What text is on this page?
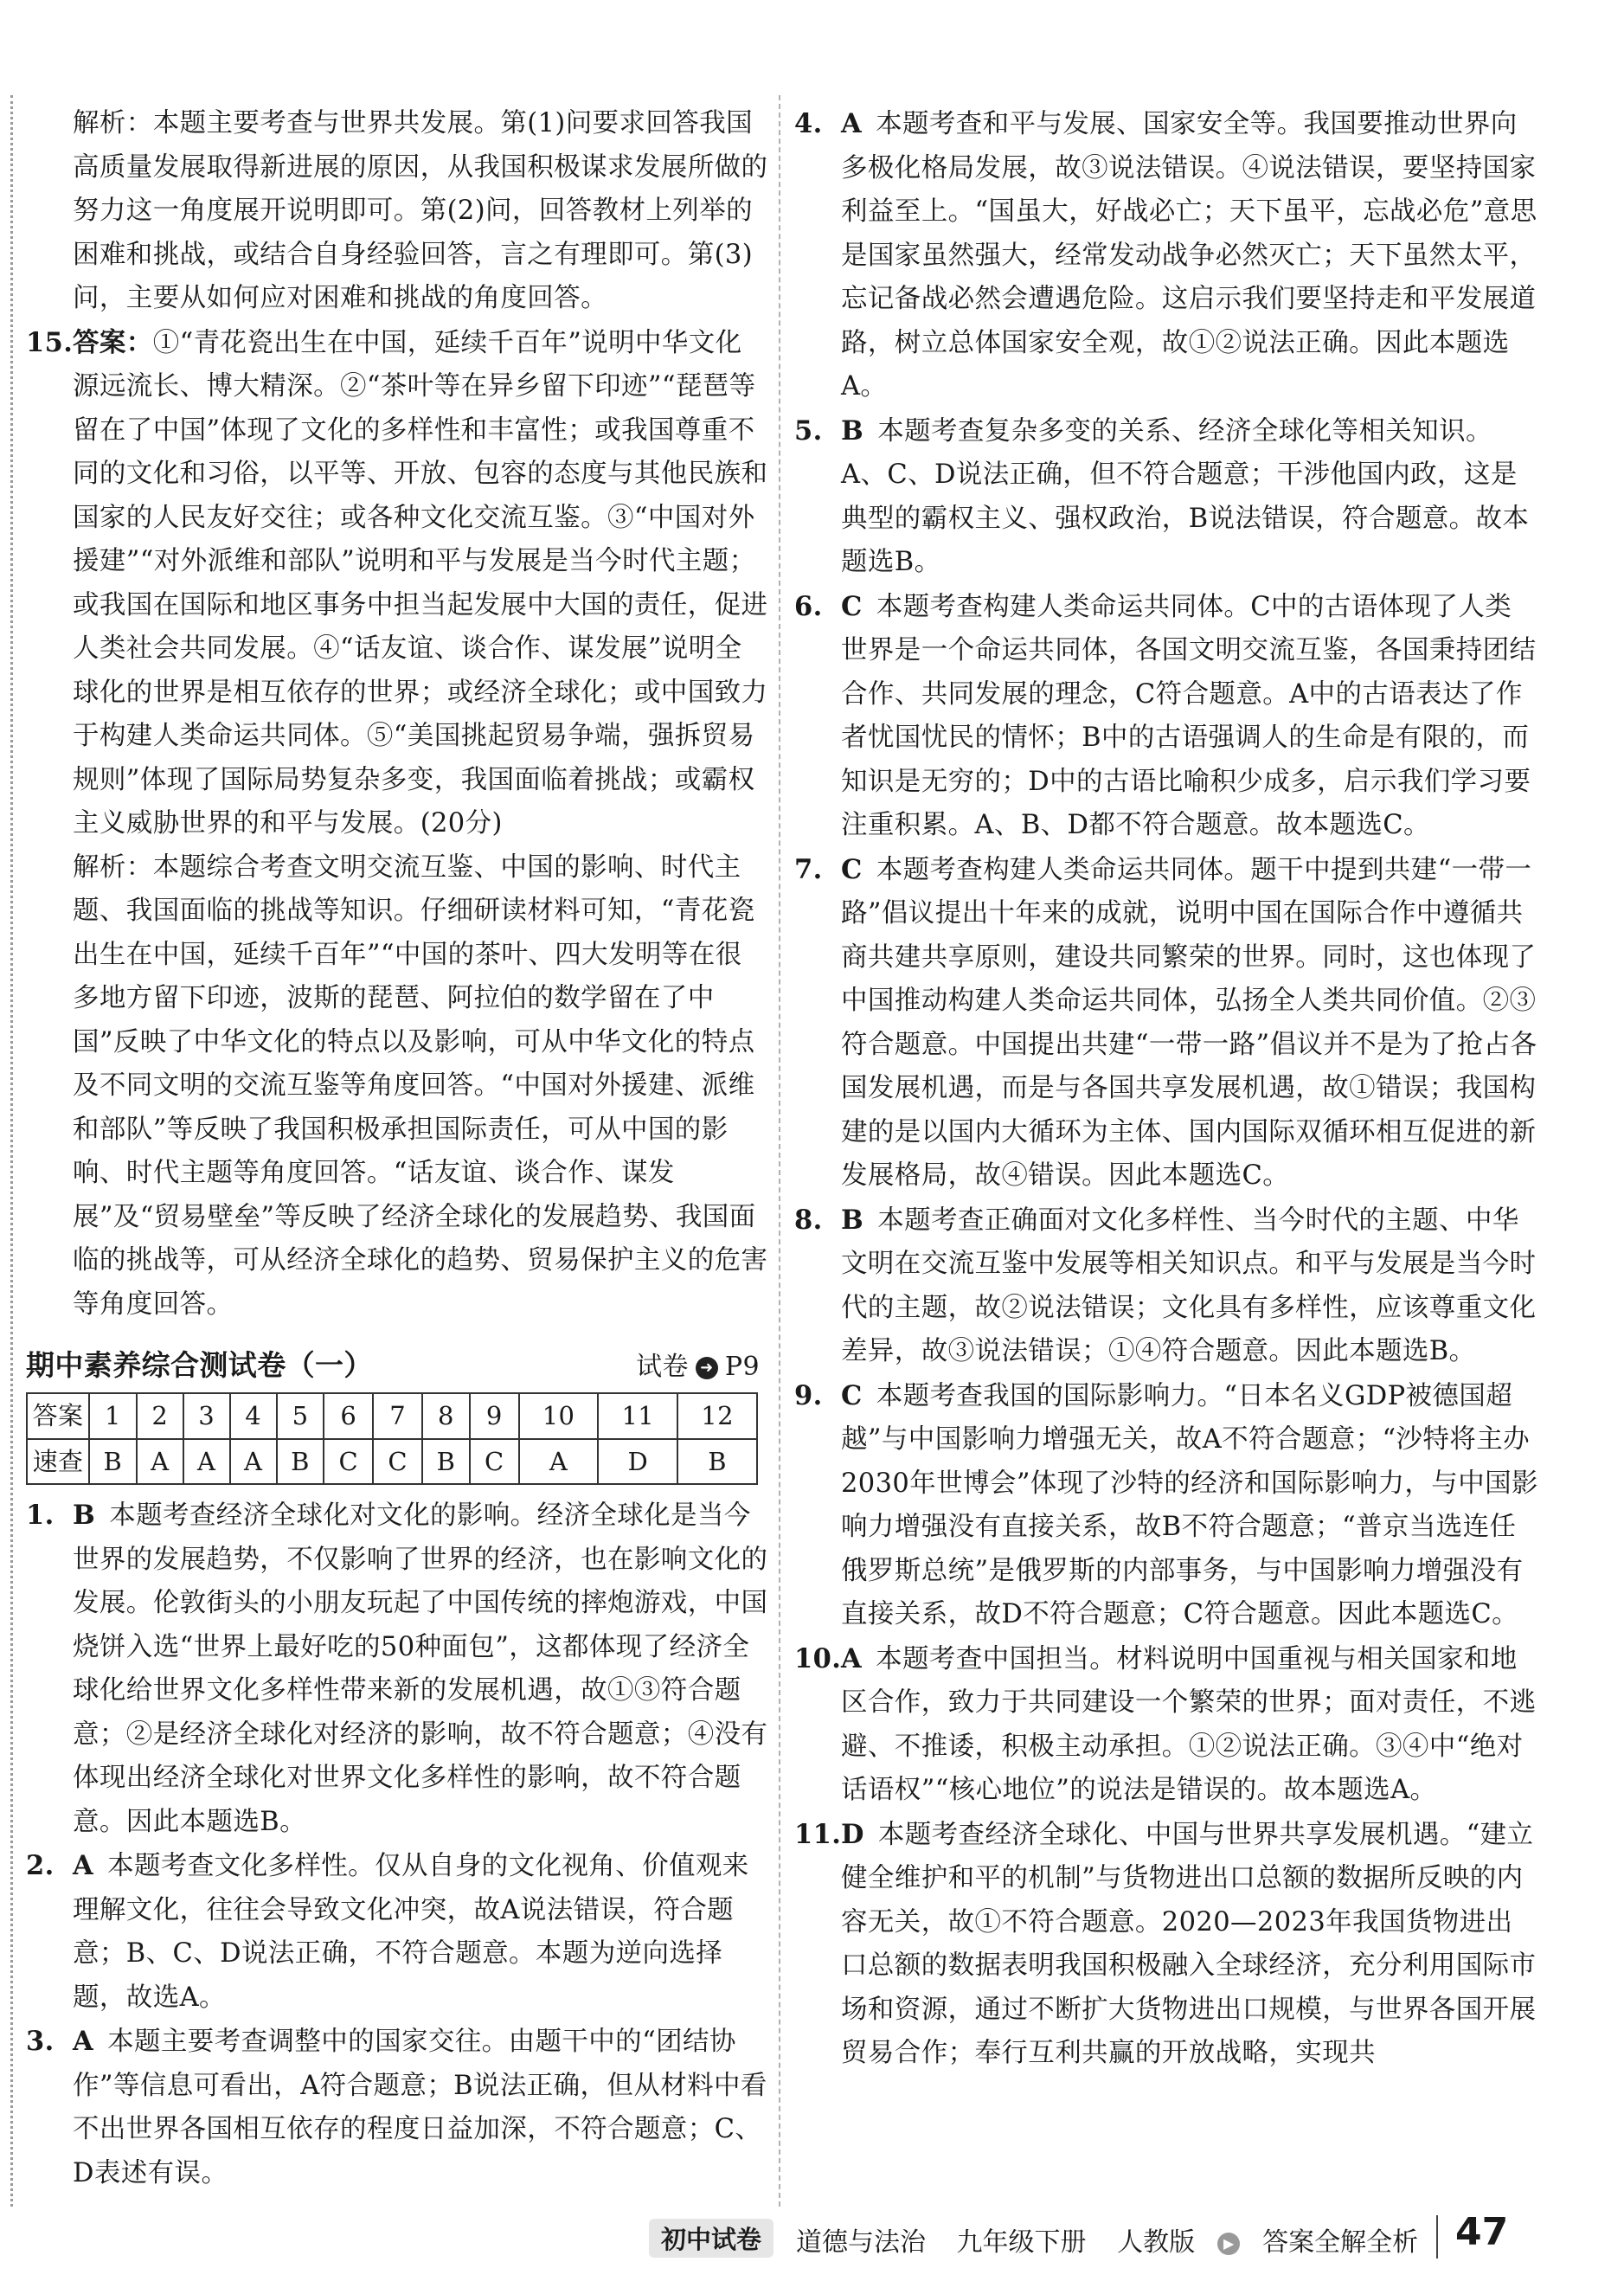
解析：本题主要考查与世界共发展。第(1)问要求回答我国高质量发展取得新进展的原因，从我国积极谋求发展所做的努力这一角度展开说明即可。第(2)问，回答教材上列举的困难和挑战，或结合自身经验回答，言之有理即可。第(3)问，主要从如何应对困难和挑战的角度回答。
15. 答案：①“青花瓷出生在中国，延续千百年”说明中华文化源远流长、博大精深。②“茶叶等在异乡留下印迹”“琵琶等留在了中国”体现了文化的多样性和丰富性；或我国尊重不同的文化和习俗，以平等、开放、包容的态度与其他民族和国家的人民友好交往；或各种文化交流互鉴。③“中国对外援建”“对外派维和部队”说明和平与发展是当今时代主题；或我国在国际和地区事务中担当起发展中大国的责任，促进人类社会共同发展。④“话友谊、谈合作、谋发展”说明全球化的世界是相互依存的世界；或经济全球化；或中国致力于构建人类命运共同体。⑤“美国挑起贸易争端，强拆贸易规则”体现了国际局势复杂多变，我国面临着挑战；或霸权主义威胁世界的和平与发展。(20分)
解析：本题综合考查文明交流互鉴、中国的影响、时代主题、我国面临的挑战等知识。仔细研读材料可知，“青花瓷出生在中国，延续千百年”“中国的茶叶、四大发明等在很多地方留下印迹，波斯的琵琶、阿拉伯的数学留在了中国”反映了中华文化的特点以及影响，可从中华文化的特点及不同文明的交流互鉴等角度回答。“中国对外援建、派维和部队”等反映了我国积极承担国际责任，可从中国的影响、时代主题等角度回答。“话友谊、谈合作、谋发展”及“贸易壁垒”等反映了经济全球化的发展趋势、我国面临的挑战等，可从经济全球化的趋势、贸易保护主义的危害等角度回答。
期中素养综合测试卷（一）	试卷 ➜ P9
答案	1	2	3	4	5	6	7	8	9	10	11	12
速查	B	A	A	A	B	C	C	B	C	A	D	B
1. B 本题考查经济全球化对文化的影响。经济全球化是当今世界的发展趋势，不仅影响了世界的经济，也在影响文化的发展。伦敦街头的小朋友玩起了中国传统的摔炮游戏，中国烧饼入选“世界上最好吃的50种面包”，这都体现了经济全球化给世界文化多样性带来新的发展机遇，故①③符合题意；②是经济全球化对经济的影响，故不符合题意；④没有体现出经济全球化对世界文化多样性的影响，故不符合题意。因此本题选B。
2. A 本题考查文化多样性。仅从自身的文化视角、价值观来理解文化，往往会导致文化冲突，故A说法错误，符合题意；B、C、D说法正确，不符合题意。本题为逆向选择题，故选A。
3. A 本题主要考查调整中的国家交往。由题干中的“团结协作”等信息可看出，A符合题意；B说法正确，但从材料中看不出世界各国相互依存的程度日益加深，不符合题意；C、D表述有误。
4. A 本题考查和平与发展、国家安全等。我国要推动世界向多极化格局发展，故③说法错误。④说法错误，要坚持国家利益至上。“国虽大，好战必亡；天下虽平，忘战必危”意思是国家虽然强大，经常发动战争必然灭亡；天下虽然太平，忘记备战必然会遭遇危险。这启示我们要坚持走和平发展道路，树立总体国家安全观，故①②说法正确。因此本题选A。
5. B 本题考查复杂多变的关系、经济全球化等相关知识。A、C、D说法正确，但不符合题意；干涉他国内政，这是典型的霸权主义、强权政治，B说法错误，符合题意。故本题选B。
6. C 本题考查构建人类命运共同体。C中的古语体现了人类世界是一个命运共同体，各国文明交流互鉴，各国秉持团结合作、共同发展的理念，C符合题意。A中的古语表达了作者忧国忧民的情怀；B中的古语强调人的生命是有限的，而知识是无穷的；D中的古语比喻积少成多，启示我们学习要注重积累。A、B、D都不符合题意。故本题选C。
7. C 本题考查构建人类命运共同体。题干中提到共建“一带一路”倡议提出十年来的成就，说明中国在国际合作中遵循共商共建共享原则，建设共同繁荣的世界。同时，这也体现了中国推动构建人类命运共同体，弘扬全人类共同价值。②③符合题意。中国提出共建“一带一路”倡议并不是为了抢占各国发展机遇，而是与各国共享发展机遇，故①错误；我国构建的是以国内大循环为主体、国内国际双循环相互促进的新发展格局，故④错误。因此本题选C。
8. B 本题考查正确面对文化多样性、当今时代的主题、中华文明在交流互鉴中发展等相关知识点。和平与发展是当今时代的主题，故②说法错误；文化具有多样性，应该尊重文化差异，故③说法错误；①④符合题意。因此本题选B。
9. C 本题考查我国的国际影响力。“日本名义GDP被德国超越”与中国影响力增强无关，故A不符合题意；“沙特将主办2030年世博会”体现了沙特的经济和国际影响力，与中国影响力增强没有直接关系，故B不符合题意；“普京当选连任俄罗斯总统”是俄罗斯的内部事务，与中国影响力增强没有直接关系，故D不符合题意；C符合题意。因此本题选C。
10. A 本题考查中国担当。材料说明中国重视与相关国家和地区合作，致力于共同建设一个繁荣的世界；面对责任，不逃避、不推诿，积极主动承担。①②说法正确。③④中“绝对话语权”“核心地位”的说法是错误的。故本题选A。
11. D 本题考查经济全球化、中国与世界共享发展机遇。“建立健全维护和平的机制”与货物进出口总额的数据所反映的内容无关，故①不符合题意。2020—2023年我国货物进出口总额的数据表明我国积极融入全球经济，充分利用国际市场和资源，通过不断扩大货物进出口规模，与世界各国开展贸易合作；奉行互利共赢的开放战略，实现共
初中试卷	道德与法治 九年级下册 人教版 ▶ 答案全解全析 47
